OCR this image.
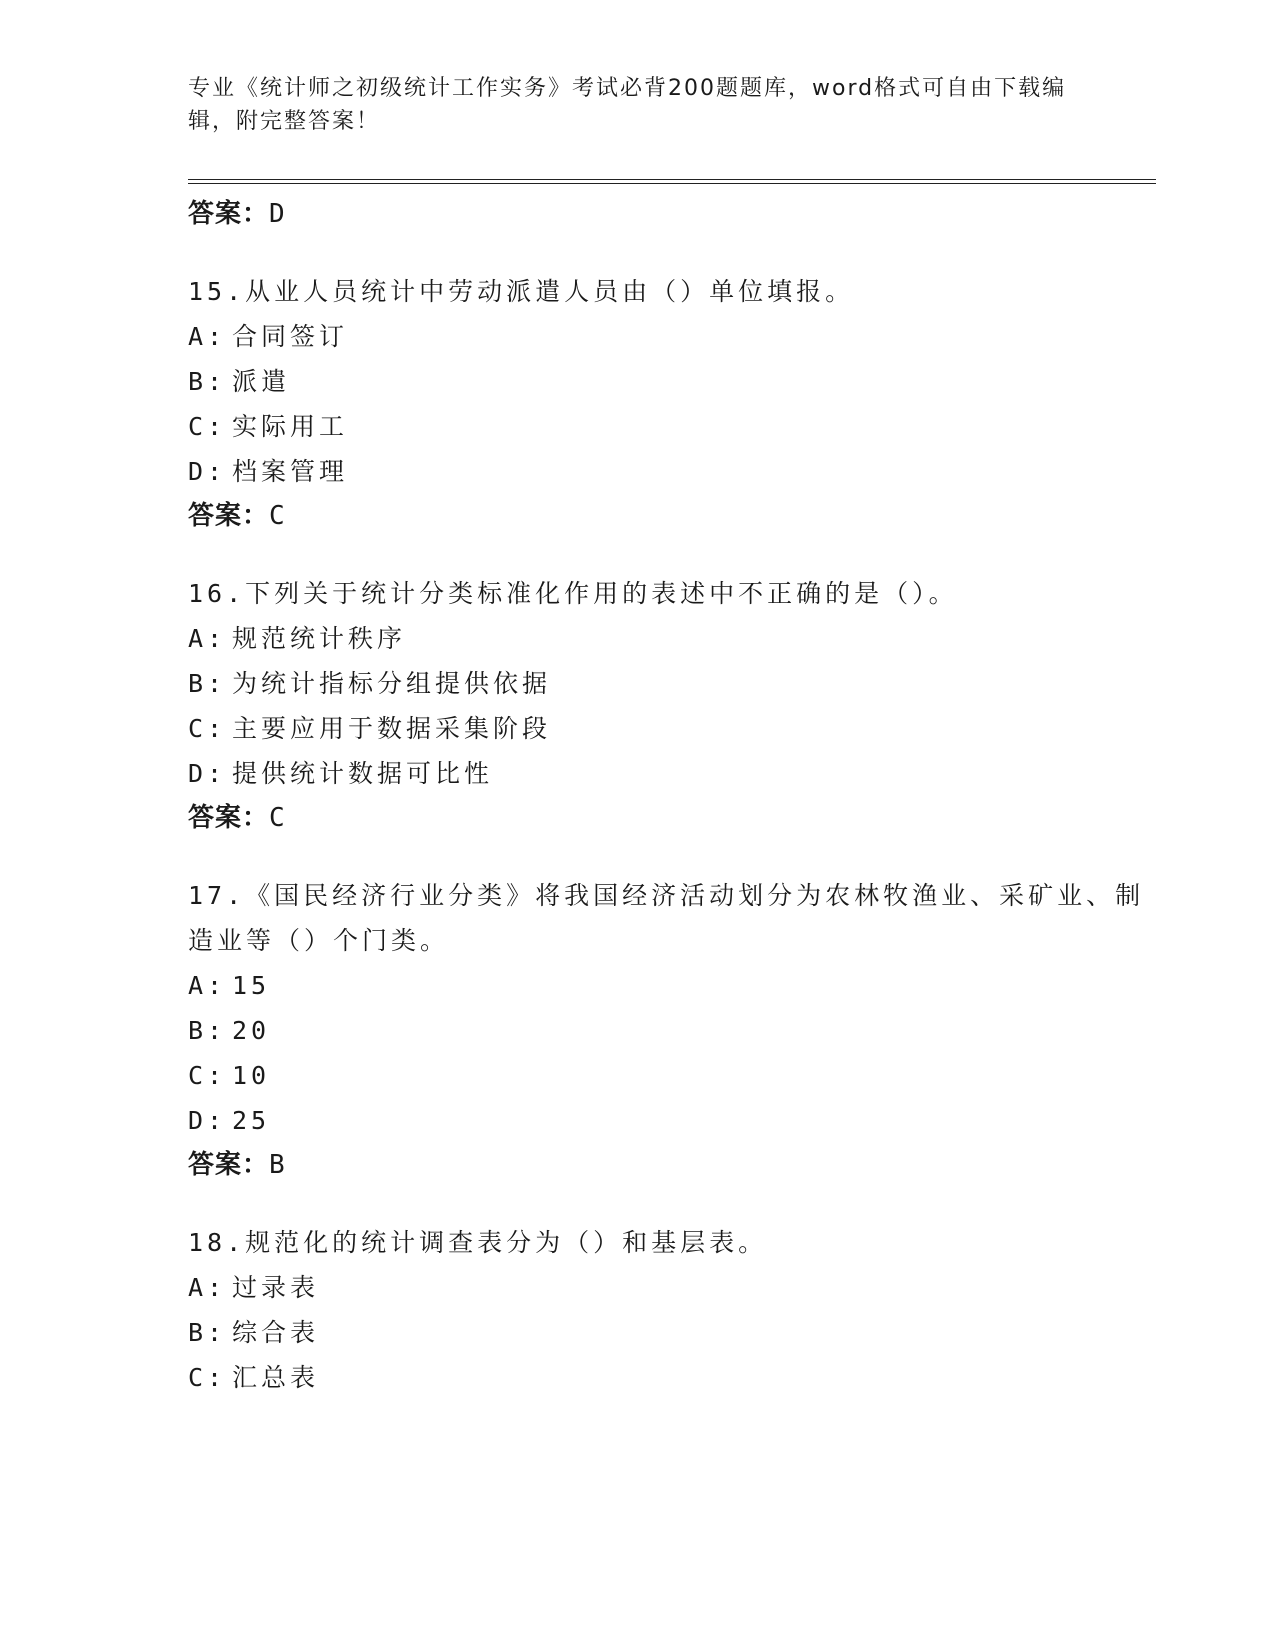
专业《统计师之初级统计工作实务》考试必背200题题库，word格式可自由下载编辑，附完整答案！
答案：D

15.从业人员统计中劳动派遣人员由（）单位填报。

A: 合同签订
B: 派遣
C: 实际用工
D: 档案管理
答案：C

16.下列关于统计分类标准化作用的表述中不正确的是（）。

A: 规范统计秩序
B: 为统计指标分组提供依据
C: 主要应用于数据采集阶段
D: 提供统计数据可比性
答案：C

17.《国民经济行业分类》将我国经济活动划分为农林牧渔业、采矿业、制造业等（）个门类。

A: 15
B: 20
C: 10
D: 25
答案：B

18.规范化的统计调查表分为（）和基层表。

A: 过录表
B: 综合表
C: 汇总表
